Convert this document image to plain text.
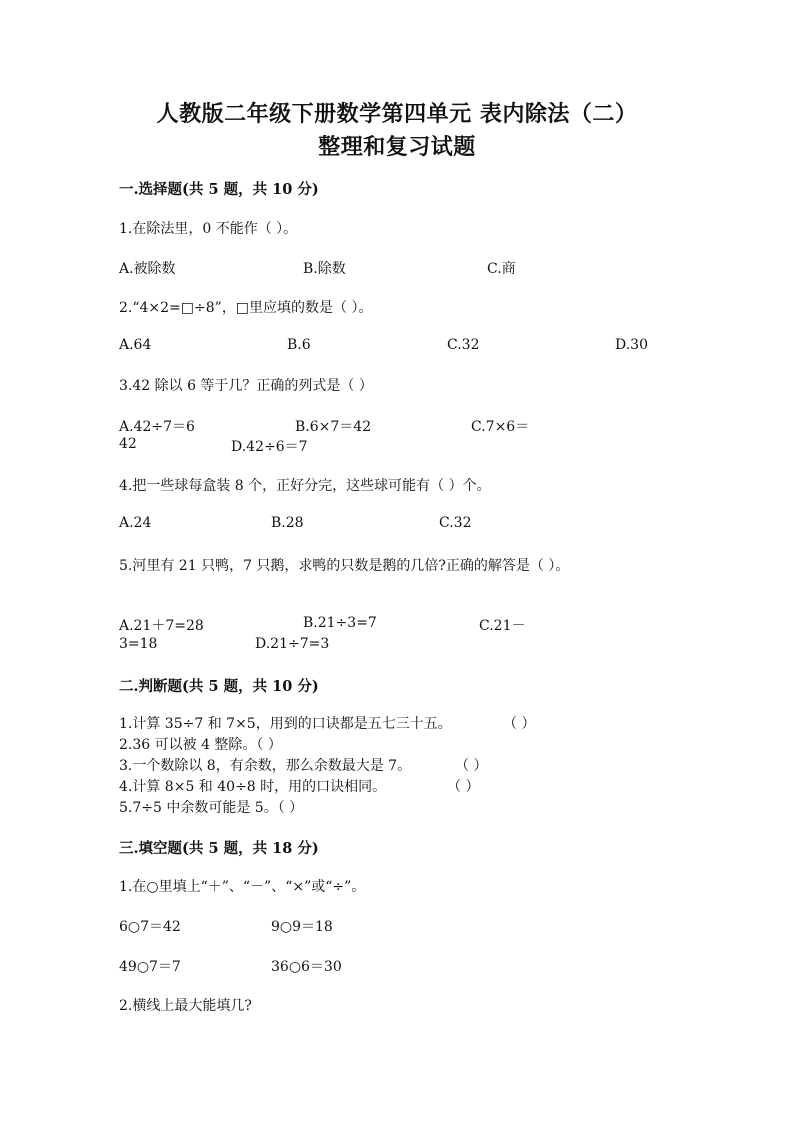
人教版二年级下册数学第四单元 表内除法（二）
整理和复习试题
一.选择题(共 5 题，共 10 分)
1.在除法里，0 不能作（ ）。
A.被除数	B.除数	C.商
2.“4×2=□÷8”，□里应填的数是（ ）。
A.64	B.6	C.32	D.30
3.42 除以 6 等于几？正确的列式是（ ）
A.42÷7＝6	B.6×7＝42	C.7×6＝
42	D.42÷6＝7
4.把一些球每盒装 8 个，正好分完，这些球可能有（ ）个。
A.24	B.28	C.32
5.河里有 21 只鸭，7 只鹅，求鸭的只数是鹅的几倍?正确的解答是（ ）。
A.21＋7=28	B.21÷3=7	C.21－
3=18	D.21÷7=3
二.判断题(共 5 题，共 10 分)
1.计算 35÷7 和 7×5，用到的口诀都是五七三十五。	（ ）
2.36 可以被 4 整除。（ ）
3.一个数除以 8，有余数，那么余数最大是 7。	（ ）
4.计算 8×5 和 40÷8 时，用的口诀相同。	（ ）
5.7÷5 中余数可能是 5。（ ）
三.填空题(共 5 题，共 18 分)
1.在○里填上“＋”、“－”、“×”或“÷”。
6○7＝42	9○9＝18
49○7＝7	36○6＝30
2.横线上最大能填几?
